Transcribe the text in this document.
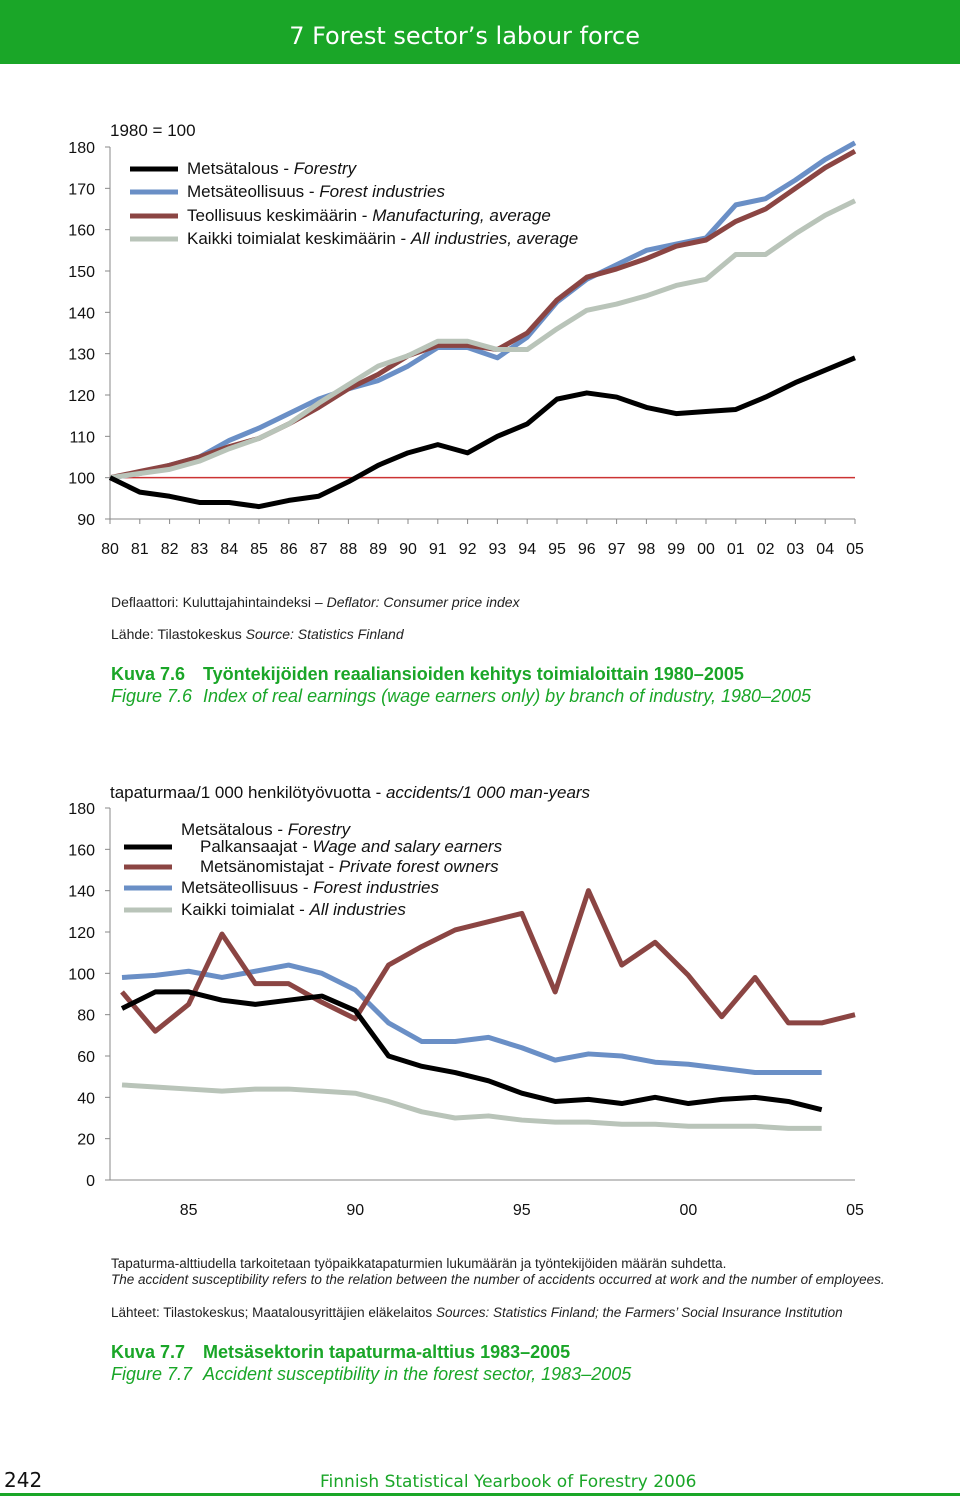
7 Forest sector’s labour force
90
100
110
120
130
140
150
160
170
180
80 81 82 83 84 85 86 87 88 89 90 91 92 93 94 95 96 97 98 99 00 01 02 03 04 05
1980 = 100
Metsätalous - Forestry
Metsäteollisuus - Forest industries
Teollisuus keskimäärin - Manufacturing, average
Kaikki toimialat keskimäärin - All industries, average
Deflaattori: Kuluttajahintaindeksi – Deflator: Consumer price index
Lähde: Tilastokeskus Source: Statistics Finland
Kuva 7.6 Työntekijöiden reaaliansioiden kehitys toimialoittain 1980–2005
Figure 7.6 Index of real earnings (wage earners only) by branch of industry, 1980–2005
0
20
40
60
80
100
120
140
160
180
85	90	95	00	05
tapaturmaa/1 000 henkilötyövuotta - accidents/1 000 man-years
Metsätalous - Forestry
Palkansaajat - Wage and salary earners
Metsänomistajat - Private forest owners
Metsäteollisuus - Forest industries
Kaikki toimialat - All industries
Tapaturma-alttiudella tarkoitetaan työpaikkatapaturmien lukumäärän ja työntekijöiden määrän suhdetta.
The accident susceptibility refers to the relation between the number of accidents occurred at work and the number of employees.
Lähteet: Tilastokeskus; Maatalousyrittäjien eläkelaitos Sources: Statistics Finland; the Farmers’ Social Insurance Institution
Kuva 7.7 Metsäsektorin tapaturma-alttius 1983–2005
Figure 7.7 Accident susceptibility in the forest sector, 1983–2005
242	Finnish Statistical Yearbook of Forestry 2006
